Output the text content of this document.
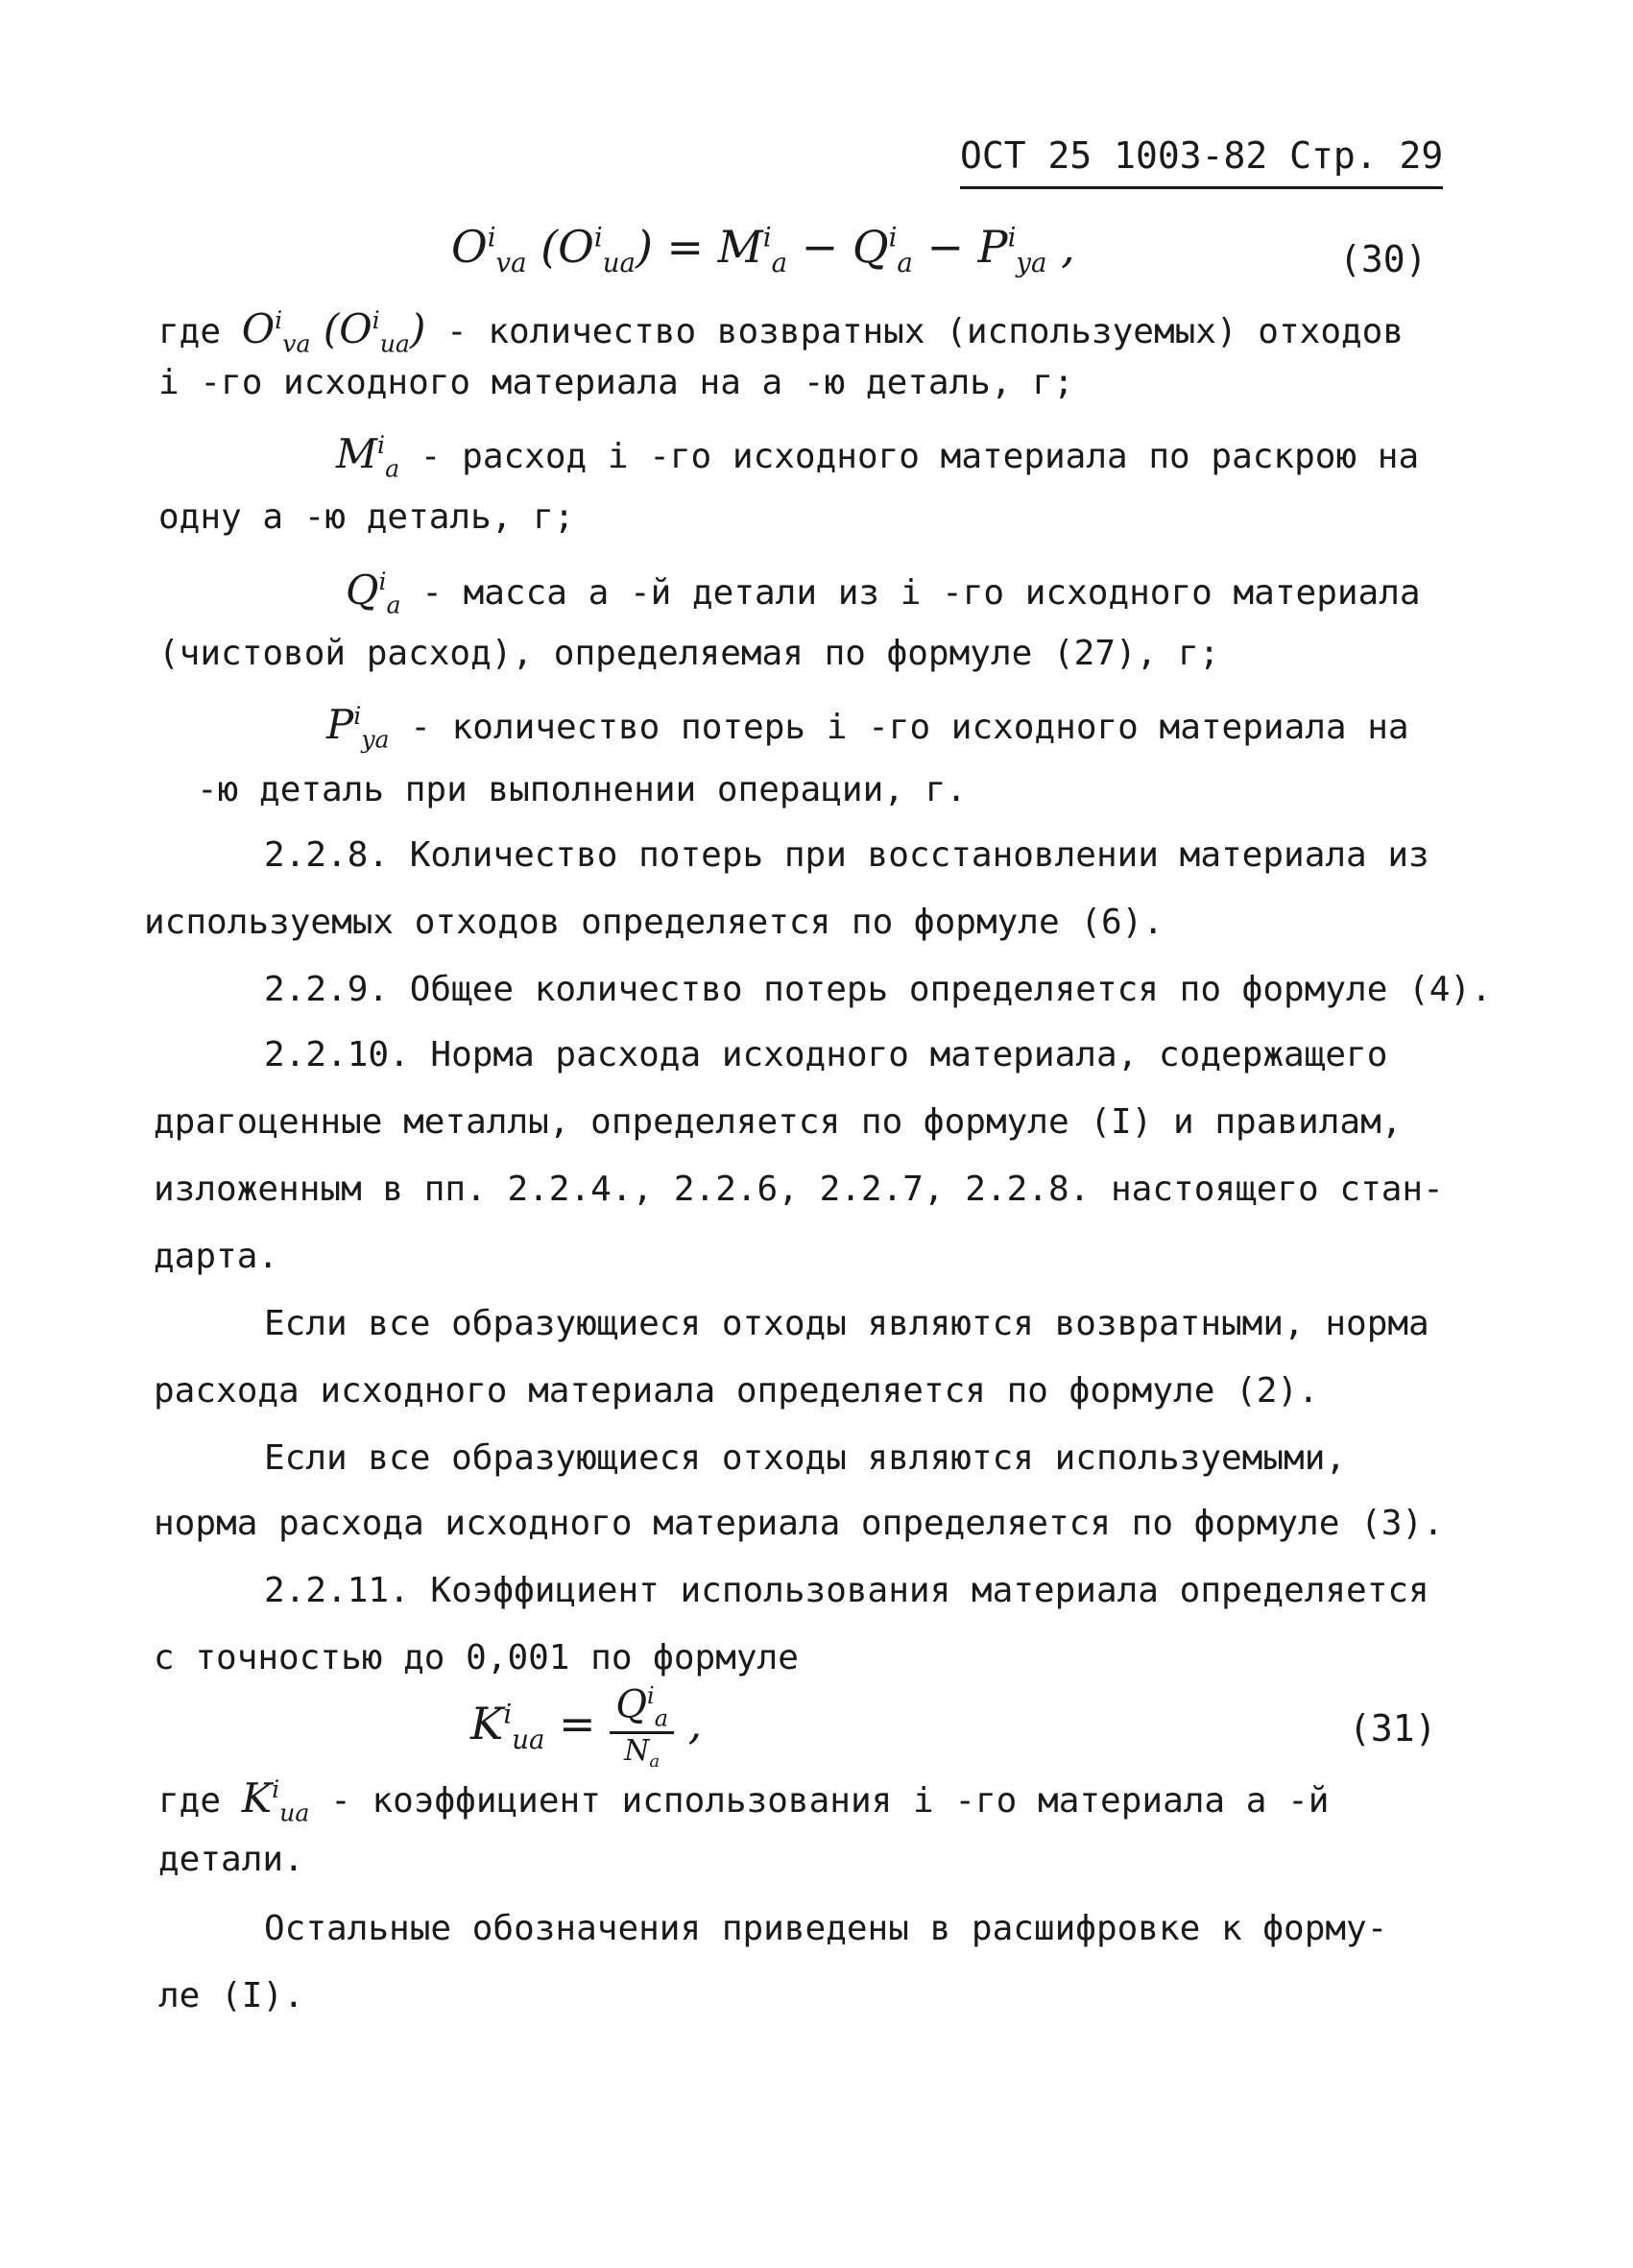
ОСТ 25 1003-82 Стр. 29
$O^i_{va}$ $(O^i_{ua}) = M^i_a - Q^i_a - P^i_{ya}$ ,	(30)
где $O^i_{va}$ $(O^i_{ua})$ - количество возвратных (используемых) отходов
i -го исходного материала на a -ю деталь, г;
$M^i_a$ - расход i -го исходного материала по раскрою на
одну a -ю деталь, г;
$Q^i_a$ - масса a -й детали из i -го исходного материала
(чистовой расход), определяемая по формуле (27), г;
$P^i_{ya}$ - количество потерь i -го исходного материала на
-ю деталь при выполнении операции, г.
2.2.8. Количество потерь при восстановлении материала из
используемых отходов определяется по формуле (6).
2.2.9. Общее количество потерь определяется по формуле (4).
2.2.10. Норма расхода исходного материала, содержащего
драгоценные металлы, определяется по формуле (I) и правилам,
изложенным в пп. 2.2.4., 2.2.6, 2.2.7, 2.2.8. настоящего стан-
дарта.
Если все образующиеся отходы являются возвратными, норма
расхода исходного материала определяется по формуле (2).
Если все образующиеся отходы являются используемыми,
норма расхода исходного материала определяется по формуле (3).
2.2.11. Коэффициент использования материала определяется
с точностью до 0,001 по формуле
$K^i_{ua} = \frac{Q^i_a}{N_a}$ ,	(31)
где $K^i_{ua}$ - коэффициент использования i -го материала a -й
детали.
Остальные обозначения приведены в расшифровке к форму-
ле (I).
